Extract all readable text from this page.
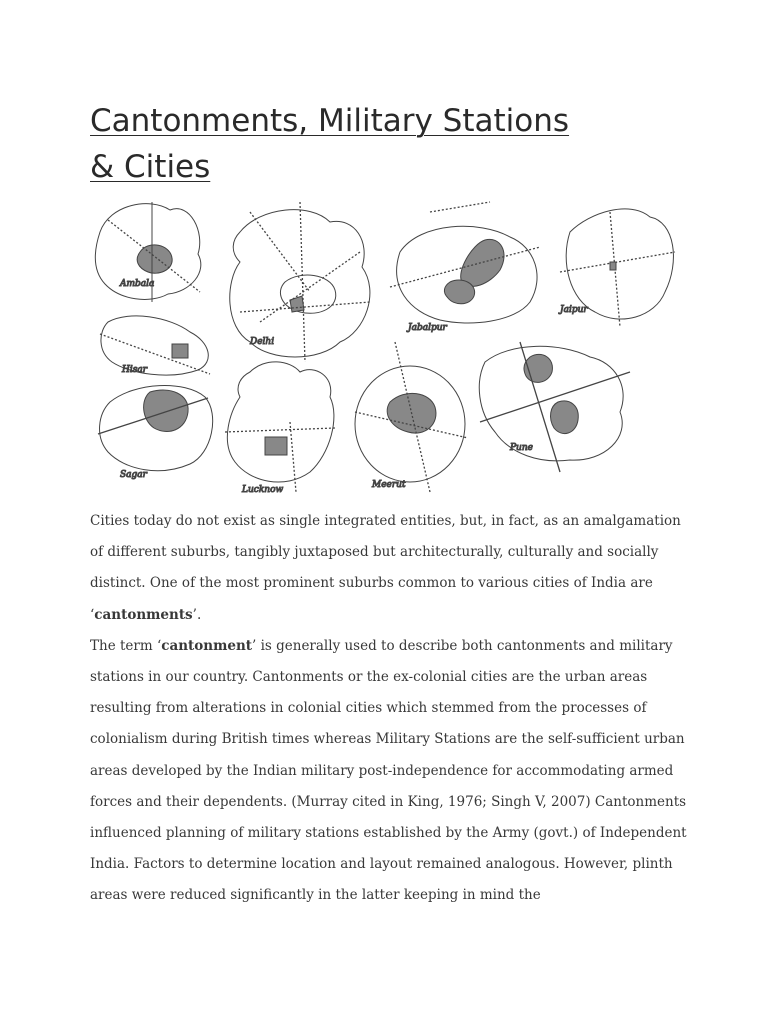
Cantonments, Military Stations
& Cities
Ambala
Hisar
Sagar
Delhi
Lucknow
Jabalpur
Jaipur
Meerut
Pune

Cities today do not exist as single integrated entities, but, in fact, as an amalgamation of different suburbs, tangibly juxtaposed but architecturally, culturally and socially distinct. One of the most prominent suburbs common to various cities of India are ‘cantonments’.

The term ‘cantonment’ is generally used to describe both cantonments and military stations in our country. Cantonments or the ex-colonial cities are the urban areas resulting from alterations in colonial cities which stemmed from the processes of colonialism during British times whereas Military Stations are the self-sufficient urban areas developed by the Indian military post-independence for accommodating armed forces and their dependents. (Murray cited in King, 1976; Singh V, 2007) Cantonments influenced planning of military stations established by the Army (govt.) of Independent India. Factors to determine location and layout remained analogous. However, plinth areas were reduced significantly in the latter keeping in mind the
